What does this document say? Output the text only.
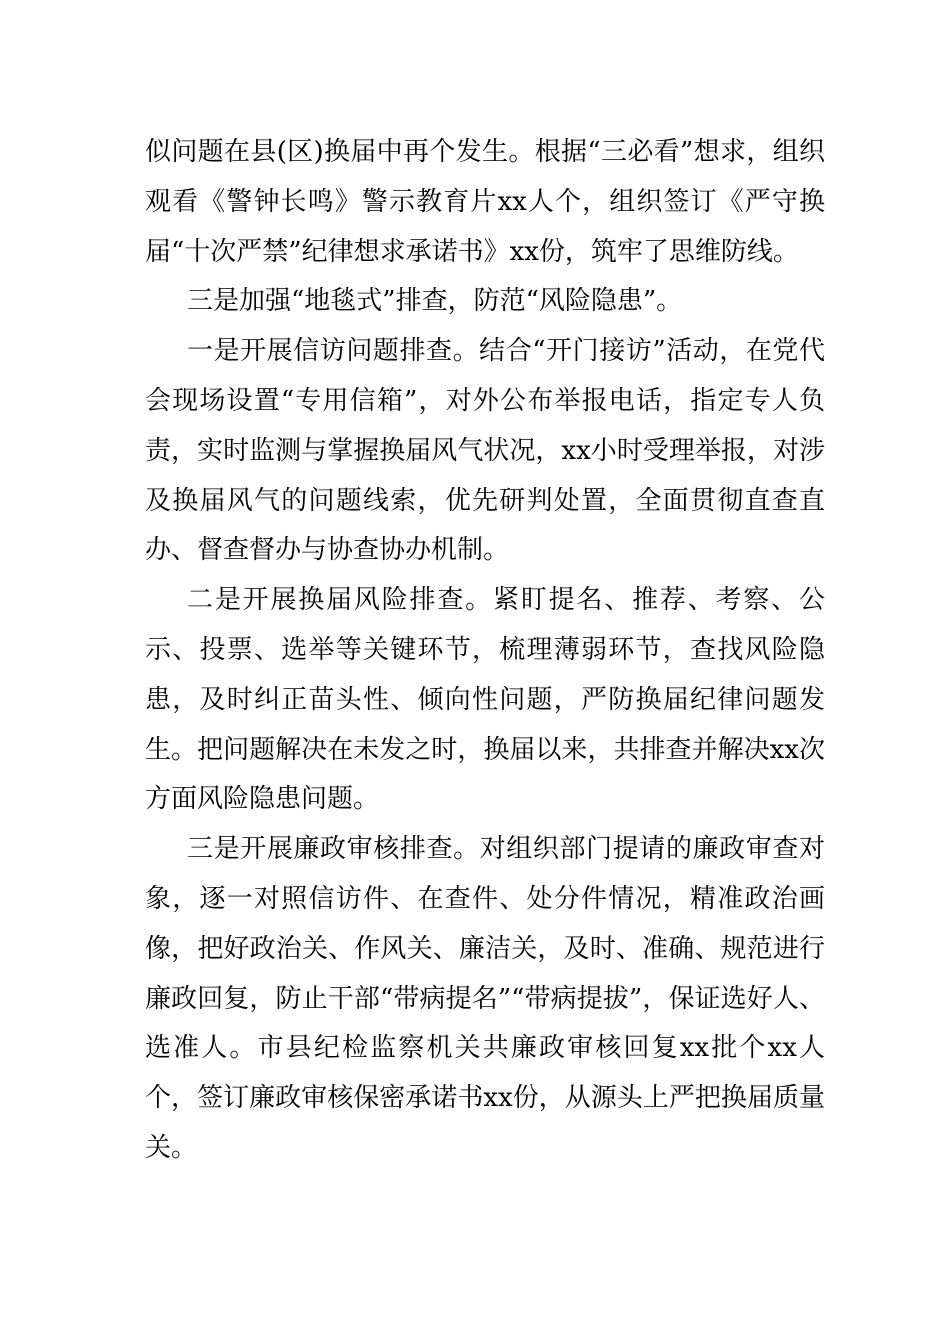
似问题在县(区)换届中再个发生。根据“三必看”想求，组织观看《警钟长鸣》警示教育片xx人个，组织签订《严守换届“十次严禁”纪律想求承诺书》xx份，筑牢了思维防线。

三是加强“地毯式”排查，防范“风险隐患”。

一是开展信访问题排查。结合“开门接访”活动，在党代会现场设置“专用信箱”，对外公布举报电话，指定专人负责，实时监测与掌握换届风气状况，xx小时受理举报，对涉及换届风气的问题线索，优先研判处置，全面贯彻直查直办、督查督办与协查协办机制。

二是开展换届风险排查。紧盯提名、推荐、考察、公示、投票、选举等关键环节，梳理薄弱环节，查找风险隐患，及时纠正苗头性、倾向性问题，严防换届纪律问题发生。把问题解决在未发之时，换届以来，共排查并解决xx次方面风险隐患问题。

三是开展廉政审核排查。对组织部门提请的廉政审查对象，逐一对照信访件、在查件、处分件情况，精准政治画像，把好政治关、作风关、廉洁关，及时、准确、规范进行廉政回复，防止干部“带病提名”“带病提拔”，保证选好人、选准人。市县纪检监察机关共廉政审核回复xx批个xx人个，签订廉政审核保密承诺书xx份，从源头上严把换届质量关。
